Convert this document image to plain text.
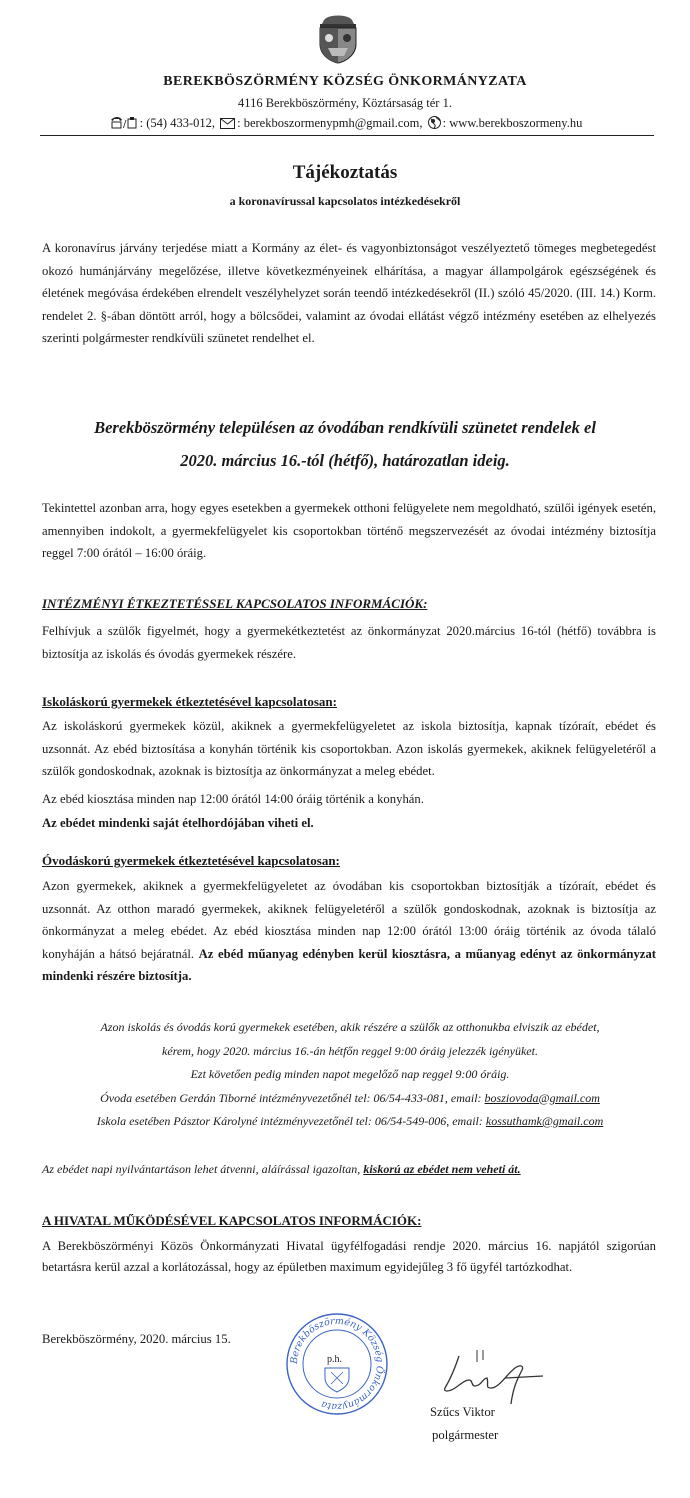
BEREKBÖSZÖRMÉNY KÖZSÉG ÖNKORMÁNYZATA
4116 Berekböszörmény, Köztársaság tér 1.
/ : (54) 433-012, : berekboszormenypmh@gmail.com, : www.berekboszormeny.hu
Tájékoztatás
a koronavírussal kapcsolatos intézkedésekről
A koronavírus járvány terjedése miatt a Kormány az élet- és vagyonbiztonságot veszélyeztető tömeges megbetegedést okozó humánjárvány megelőzése, illetve következményeinek elhárítása, a magyar állampolgárok egészségének és életének megóvása érdekében elrendelt veszélyhelyzet során teendő intézkedésekről (II.) szóló 45/2020. (III. 14.) Korm. rendelet 2. §-ában döntött arról, hogy a bölcsődei, valamint az óvodai ellátást végző intézmény esetében az elhelyezés szerinti polgármester rendkívüli szünetet rendelhet el.
Berekböszörmény településen az óvodában rendkívüli szünetet rendelek el
2020. március 16.-tól (hétfő), határozatlan ideig.
Tekintettel azonban arra, hogy egyes esetekben a gyermekek otthoni felügyelete nem megoldható, szülői igények esetén, amennyiben indokolt, a gyermekfelügyelet kis csoportokban történő megszervezését az óvodai intézmény biztosítja reggel 7:00 órától – 16:00 óráig.
INTÉZMÉNYI ÉTKEZTETÉSSEL KAPCSOLATOS INFORMÁCIÓK:
Felhívjuk a szülők figyelmét, hogy a gyermekétkeztetést az önkormányzat 2020.március 16-tól (hétfő) továbbra is biztosítja az iskolás és óvodás gyermekek részére.
Iskoláskorú gyermekek étkeztetésével kapcsolatosan:
Az iskoláskorú gyermekek közül, akiknek a gyermekfelügyeletet az iskola biztosítja, kapnak tízóraít, ebédet és uzsonnát. Az ebéd biztosítása a konyhán történik kis csoportokban. Azon iskolás gyermekek, akiknek felügyeletéről a szülők gondoskodnak, azoknak is biztosítja az önkormányzat a meleg ebédet.
Az ebéd kiosztása minden nap 12:00 órától 14:00 óráig történik a konyhán.
Az ebédet mindenki saját ételhordójában viheti el.
Óvodáskorú gyermekek étkeztetésével kapcsolatosan:
Azon gyermekek, akiknek a gyermekfelügyeletet az óvodában kis csoportokban biztosítják a tízóraít, ebédet és uzsonnát. Az otthon maradó gyermekek, akiknek felügyeletéről a szülők gondoskodnak, azoknak is biztosítja az önkormányzat a meleg ebédet. Az ebéd kiosztása minden nap 12:00 órától 13:00 óráig történik az óvoda tálaló konyháján a hátsó bejáratnál. Az ebéd műanyag edényben kerül kiosztásra, a műanyag edényt az önkormányzat mindenki részére biztosítja.
Azon iskolás és óvodás korú gyermekek esetében, akik részére a szülők az otthonukba elviszik az ebédet,
kérem, hogy 2020. március 16.-án hétfőn reggel 9:00 óráig jelezzék igényüket.
Ezt követően pedig minden napot megelőző nap reggel 9:00 óráig.
Óvoda esetében Gerdán Tiborné intézményvezetőnél tel: 06/54-433-081, email: bosziovoda@gmail.com
Iskola esetében Pásztor Károlyné intézményvezetőnél tel: 06/54-549-006, email: kossuthamk@gmail.com
Az ebédet napi nyilvántartáson lehet átvenni, aláírással igazoltan, kiskorú az ebédet nem veheti át.
A HIVATAL MŰKÖDÉSÉVEL KAPCSOLATOS INFORMÁCIÓK:
A Berekböszörményi Közös Önkormányzati Hivatal ügyfélfogadási rendje 2020. március 16. napjától szigorúan betartásra kerül azzal a korlátozással, hogy az épületben maximum egyidejűleg 3 fő ügyfél tartózkodhat.
Berekböszörmény, 2020. március 15.
Berekböszörmény Község Önkormányzata
p.h.
Szűcs Viktor
polgármester
